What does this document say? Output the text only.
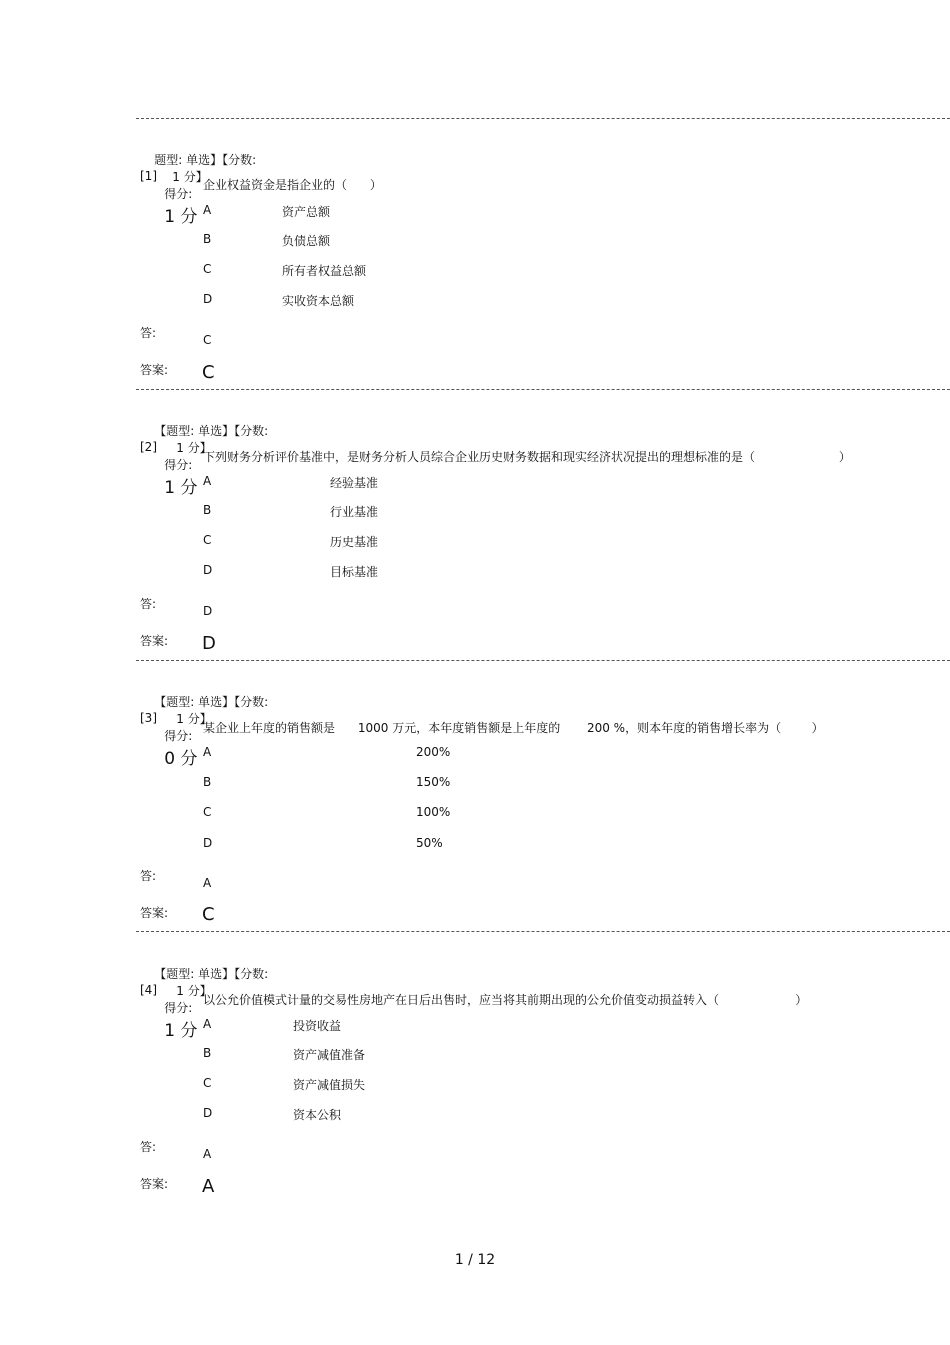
题型: 单选】【分数:
1 分】
得分:
1 分

[1]
企业权益资金是指企业的（      ）
A	资产总额
B	负债总额
C	所有者权益总额
D	实收资本总额
答:	C
答案: C

【题型: 单选】【分数:
1 分】
得分:
1 分

[2]
下列财务分析评价基准中，是财务分析人员综合企业历史财务数据和现实经济状况提出的理想标准的是（                      ）
A	经验基准
B	行业基准
C	历史基准
D	目标基准
答:	D
答案: D

【题型: 单选】【分数:
1 分】
得分:
0 分

[3]
某企业上年度的销售额是      1000 万元，本年度销售额是上年度的       200 %，则本年度的销售增长率为（        ）
A	200%
B	150%
C	100%
D	50%
答:	A
答案: C

【题型: 单选】【分数:
1 分】
得分:
1 分

[4]
以公允价值模式计量的交易性房地产在日后出售时，应当将其前期出现的公允价值变动损益转入（                    ）
A	投资收益
B	资产减值准备
C	资产减值损失
D	资本公积
答:	A
答案: A
1 / 12
